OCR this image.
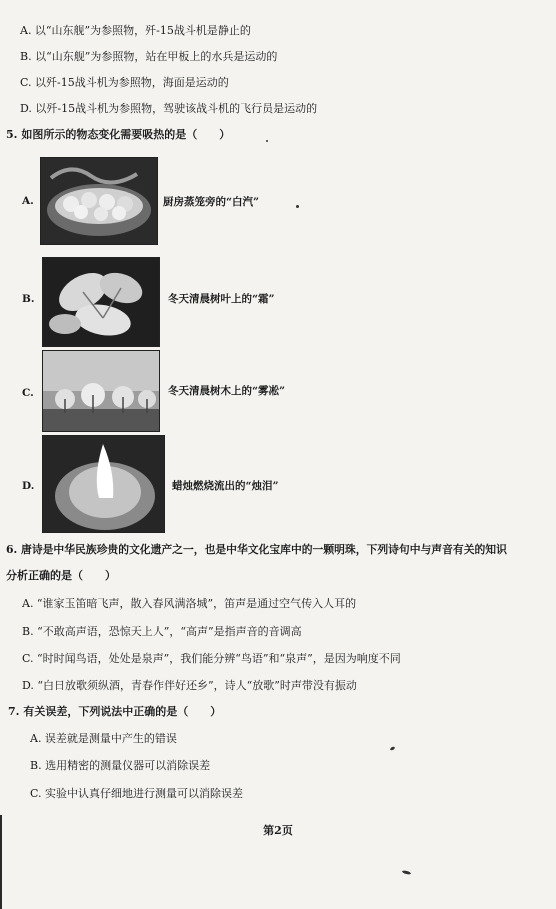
A. 以“山东舰”为参照物，歼-15战斗机是静止的
B. 以“山东舰”为参照物，站在甲板上的水兵是运动的
C. 以歼-15战斗机为参照物，海面是运动的
D. 以歼-15战斗机为参照物，驾驶该战斗机的飞行员是运动的
5. 如图所示的物态变化需要吸热的是（　　）
A.	厨房蒸笼旁的“白汽”
B.	冬天清晨树叶上的“霜”
C.	冬天清晨树木上的“雾凇”
D.	蜡烛燃烧流出的“烛泪”
6. 唐诗是中华民族珍贵的文化遗产之一，也是中华文化宝库中的一颗明珠，下列诗句中与声音有关的知识
分析正确的是（　　）
A. “谁家玉笛暗飞声，散入春风满洛城”，笛声是通过空气传入人耳的
B. “不敢高声语，恐惊天上人”，“高声”是指声音的音调高
C. “时时闻鸟语，处处是泉声”，我们能分辨“鸟语”和“泉声”，是因为响度不同
D. “白日放歌须纵酒，青春作伴好还乡”，诗人“放歌”时声带没有振动
7. 有关误差，下列说法中正确的是（　　）
A. 误差就是测量中产生的错误
B. 选用精密的测量仪器可以消除误差
C. 实验中认真仔细地进行测量可以消除误差
第2页
